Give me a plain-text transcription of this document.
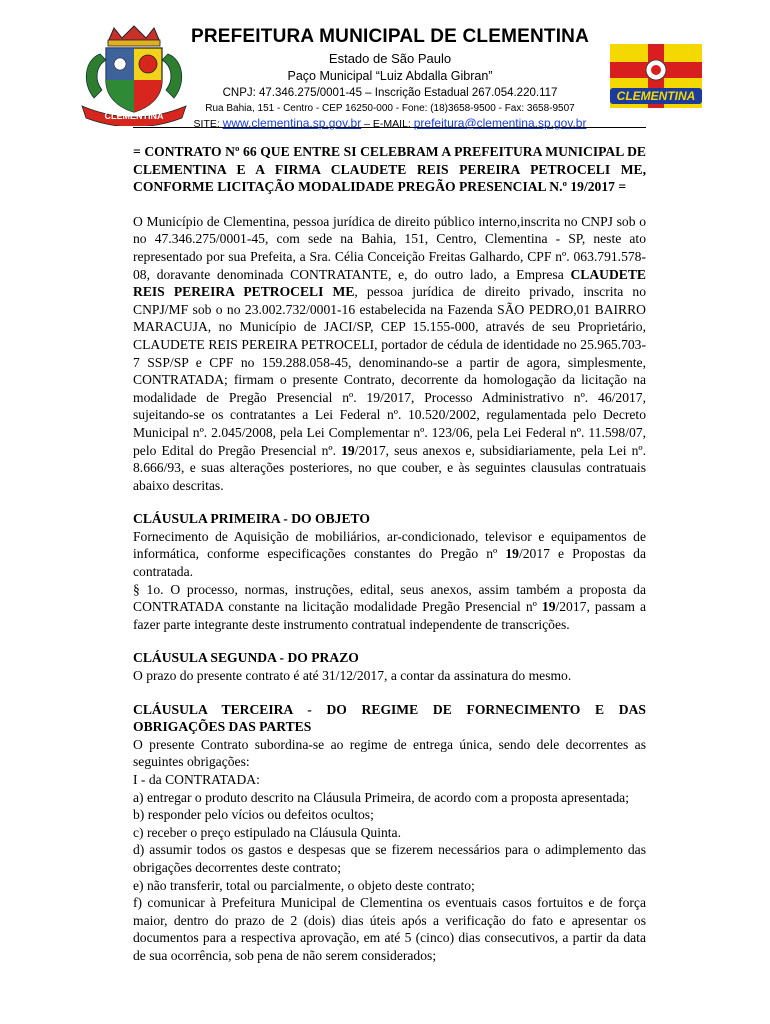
CLEMENTINA
PREFEITURA MUNICIPAL DE CLEMENTINA
Estado de São Paulo
Paço Municipal “Luiz Abdalla Gibran”
CNPJ: 47.346.275/0001-45 – Inscrição Estadual 267.054.220.117
Rua Bahia, 151 - Centro - CEP 16250-000 - Fone: (18)3658-9500 - Fax: 3658-9507
SITE: www.clementina.sp.gov.br – E-MAIL: prefeitura@clementina.sp.gov.br
CLEMENTINA

= CONTRATO Nº 66 QUE ENTRE SI CELEBRAM A PREFEITURA MUNICIPAL DE CLEMENTINA E A FIRMA CLAUDETE REIS PEREIRA PETROCELI ME, CONFORME LICITAÇÃO MODALIDADE PREGÃO PRESENCIAL N.º 19/2017 =

O Município de Clementina, pessoa jurídica de direito público interno,inscrita no CNPJ sob o no 47.346.275/0001-45, com sede na Bahia, 151, Centro, Clementina - SP, neste ato representado por sua Prefeita, a Sra. Célia Conceição Freitas Galhardo, CPF nº. 063.791.578-08, doravante denominada CONTRATANTE, e, do outro lado, a Empresa CLAUDETE REIS PEREIRA PETROCELI ME, pessoa jurídica de direito privado, inscrita no CNPJ/MF sob o no 23.002.732/0001-16 estabelecida na Fazenda SÃO PEDRO,01 BAIRRO MARACUJA, no Município de JACI/SP, CEP 15.155-000, através de seu Proprietário, CLAUDETE REIS PEREIRA PETROCELI, portador de cédula de identidade no 25.965.703-7 SSP/SP e CPF no 159.288.058-45, denominando-se a partir de agora, simplesmente, CONTRATADA; firmam o presente Contrato, decorrente da homologação da licitação na modalidade de Pregão Presencial nº. 19/2017, Processo Administrativo nº. 46/2017, sujeitando-se os contratantes a Lei Federal nº. 10.520/2002, regulamentada pelo Decreto Municipal nº. 2.045/2008, pela Lei Complementar nº. 123/06, pela Lei Federal nº. 11.598/07, pelo Edital do Pregão Presencial nº. 19/2017, seus anexos e, subsidiariamente, pela Lei nº. 8.666/93, e suas alterações posteriores, no que couber, e às seguintes clausulas contratuais abaixo descritas.

CLÁUSULA PRIMEIRA - DO OBJETO

Fornecimento de Aquisição de mobiliários, ar-condicionado, televisor e equipamentos de informática, conforme especificações constantes do Pregão nº 19/2017 e Propostas da contratada.

§ 1o. O processo, normas, instruções, edital, seus anexos, assim também a proposta da CONTRATADA constante na licitação modalidade Pregão Presencial nº 19/2017, passam a fazer parte integrante deste instrumento contratual independente de transcrições.

CLÁUSULA SEGUNDA - DO PRAZO

O prazo do presente contrato é até 31/12/2017, a contar da assinatura do mesmo.

CLÁUSULA TERCEIRA - DO REGIME DE FORNECIMENTO E DAS OBRIGAÇÕES DAS PARTES

O presente Contrato subordina-se ao regime de entrega única, sendo dele decorrentes as seguintes obrigações:

I - da CONTRATADA:

a) entregar o produto descrito na Cláusula Primeira, de acordo com a proposta apresentada;

b) responder pelo vícios ou defeitos ocultos;

c) receber o preço estipulado na Cláusula Quinta.

d) assumir todos os gastos e despesas que se fizerem necessários para o adimplemento das obrigações decorrentes deste contrato;

e) não transferir, total ou parcialmente, o objeto deste contrato;

f) comunicar à Prefeitura Municipal de Clementina os eventuais casos fortuitos e de força maior, dentro do prazo de 2 (dois) dias úteis após a verificação do fato e apresentar os documentos para a respectiva aprovação, em até 5 (cinco) dias consecutivos, a partir da data de sua ocorrência, sob pena de não serem considerados;
